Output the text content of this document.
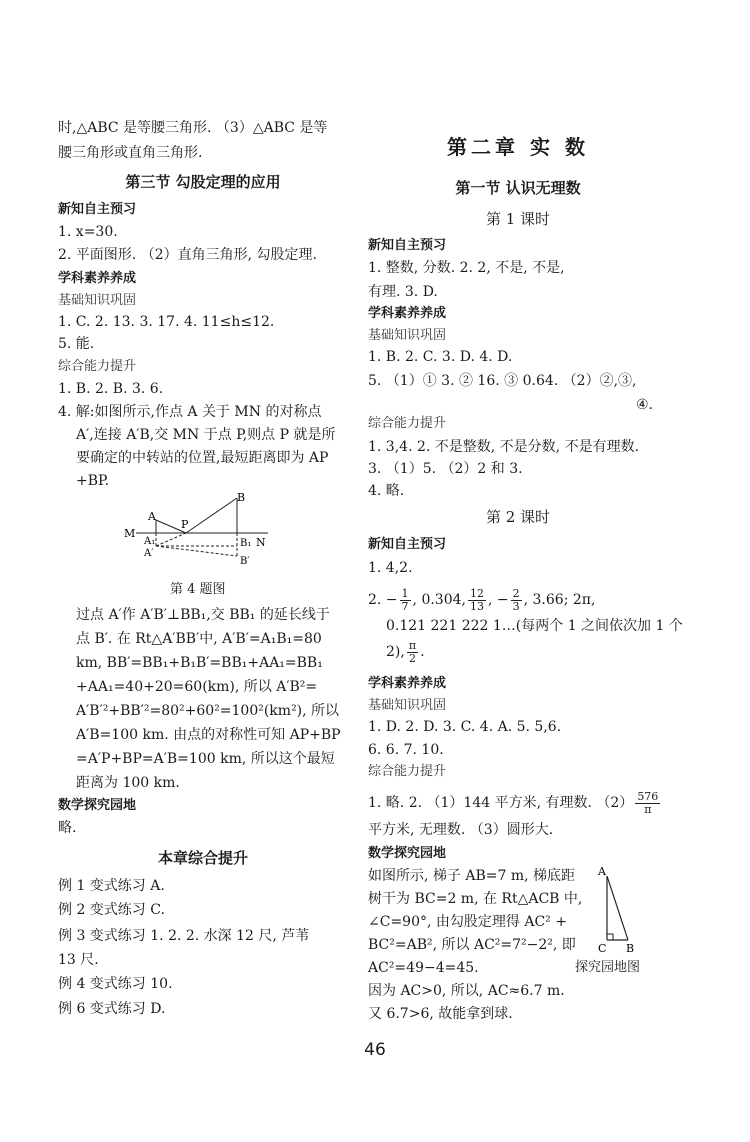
时,△ABC 是等腰三角形. （3）△ABC 是等
腰三角形或直角三角形.
第三节 勾股定理的应用
新知自主预习
1. x=30.
2. 平面图形. （2）直角三角形, 勾股定理.
学科素养养成
基础知识巩固
1. C. 2. 13. 3. 17. 4. 11≤h≤12.
5. 能.
综合能力提升
1. B. 2. B. 3. 6.
4. 解:如图所示,作点 A 关于 MN 的对称点
A′,连接 A′B,交 MN 于点 P,则点 P 就是所
要确定的中转站的位置,最短距离即为 AP
+BP.
A
B
P
M
N
A₁	B₁
A′
B′
第 4 题图
过点 A′作 A′B′⊥BB₁,交 BB₁ 的延长线于
点 B′. 在 Rt△A′BB′中, A′B′=A₁B₁=80
km, BB′=BB₁+B₁B′=BB₁+AA₁=BB₁
+AA₁=40+20=60(km), 所以 A′B²=
A′B′²+BB′²=80²+60²=100²(km²), 所以
A′B=100 km. 由点的对称性可知 AP+BP
=A′P+BP=A′B=100 km, 所以这个最短
距离为 100 km.
数学探究园地
略.
本章综合提升
例 1 变式练习 A.
例 2 变式练习 C.
例 3 变式练习 1. 2. 2. 水深 12 尺, 芦苇
13 尺.
例 4 变式练习 10.
例 6 变式练习 D.
第二章 实 数
第一节 认识无理数
第 1 课时
新知自主预习
1. 整数, 分数. 2. 2, 不是, 不是,
有理. 3. D.
学科素养养成
基础知识巩固
1. B. 2. C. 3. D. 4. D.
5. （1）① 3. ② 16. ③ 0.64. （2）②,③,
④.
综合能力提升
1. 3,4. 2. 不是整数, 不是分数, 不是有理数.
3. （1）5. （2）2 和 3.
4. 略.
第 2 课时
新知自主预习
1. 4,2.
2. − $\frac{1}{7}$ , 0.304, $\frac{12}{13}$ , − $\frac{2}{3}$ , 3.66; 2π,
0.121 221 222 1…(每两个 1 之间依次加 1 个
2), $\frac{\pi}{2}$ .
学科素养养成
基础知识巩固
1. D. 2. D. 3. C. 4. A. 5. 5,6.
6. 6. 7. 10.
综合能力提升
1. 略. 2. （1）144 平方米, 有理数. $(2) \frac{576}{\pi}$
平方米, 无理数. （3）圆形大.
数学探究园地
如图所示, 梯子 AB=7 m, 梯底距
树干为 BC=2 m, 在 Rt△ACB 中,
∠C=90°, 由勾股定理得 AC² +
BC²=AB², 所以 AC²=7²−2², 即
AC²=49−4=45.
因为 AC>0, 所以, AC≈6.7 m.
又 6.7>6, 故能拿到球.
A
C B
探究园地图
46
